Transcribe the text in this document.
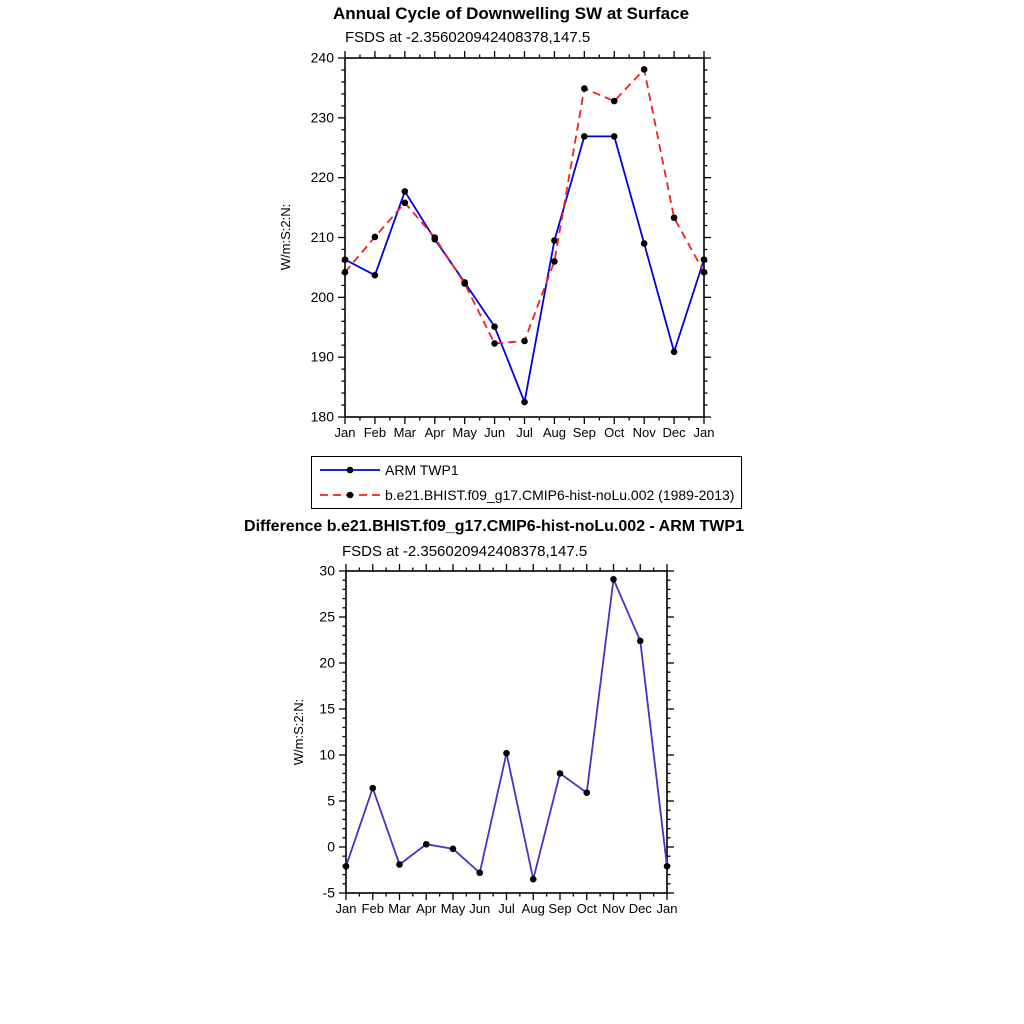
Annual Cycle of Downwelling SW at Surface
FSDS at -2.356020942408378,147.5
W/m:S:2:N:
W/m:S:2:N:
180
190
200
210
220
230
240
Jan Feb Mar Apr May Jun Jul Aug Sep Oct Nov Dec Jan
-5
0
5
10
15
20
25
30
Jan Feb Mar Apr May Jun Jul Aug Sep Oct Nov Dec Jan
ARM TWP1
b.e21.BHIST.f09_g17.CMIP6-hist-noLu.002 (1989-2013)
Difference b.e21.BHIST.f09_g17.CMIP6-hist-noLu.002 - ARM TWP1
FSDS at -2.356020942408378,147.5
